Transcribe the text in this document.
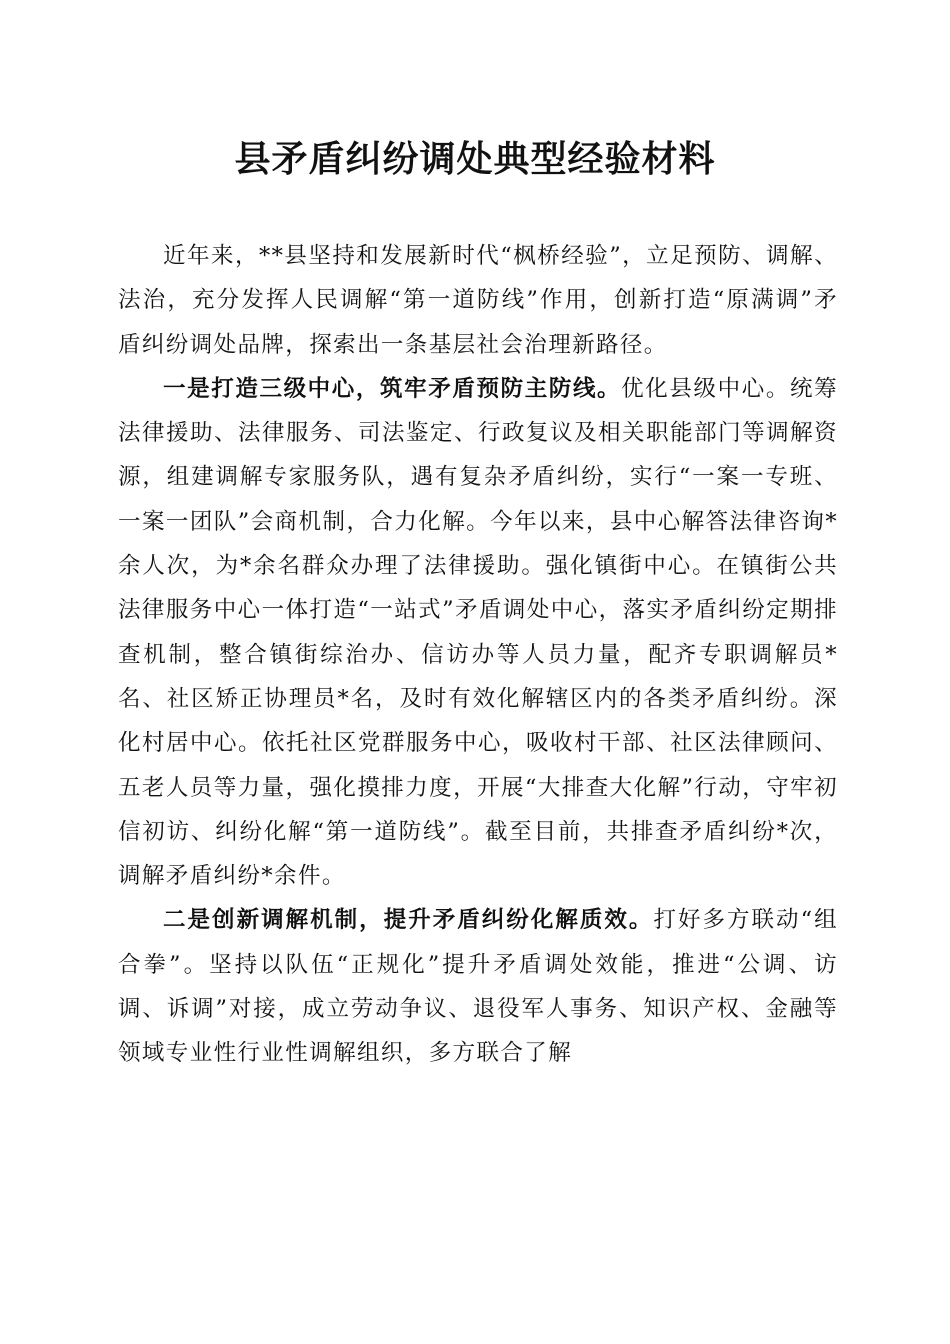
县矛盾纠纷调处典型经验材料

近年来，**县坚持和发展新时代“枫桥经验”，立足预防、调解、法治，充分发挥人民调解“第一道防线”作用，创新打造“原满调”矛盾纠纷调处品牌，探索出一条基层社会治理新路径。

一是打造三级中心，筑牢矛盾预防主防线。优化县级中心。统筹法律援助、法律服务、司法鉴定、行政复议及相关职能部门等调解资源，组建调解专家服务队，遇有复杂矛盾纠纷，实行“一案一专班、一案一团队”会商机制，合力化解。今年以来，县中心解答法律咨询*余人次，为*余名群众办理了法律援助。强化镇街中心。在镇街公共法律服务中心一体打造“一站式”矛盾调处中心，落实矛盾纠纷定期排查机制，整合镇街综治办、信访办等人员力量，配齐专职调解员*名、社区矫正协理员*名，及时有效化解辖区内的各类矛盾纠纷。深化村居中心。依托社区党群服务中心，吸收村干部、社区法律顾问、五老人员等力量，强化摸排力度，开展“大排查大化解”行动，守牢初信初访、纠纷化解“第一道防线”。截至目前，共排查矛盾纠纷*次，调解矛盾纠纷*余件。

二是创新调解机制，提升矛盾纠纷化解质效。打好多方联动“组合拳”。坚持以队伍“正规化”提升矛盾调处效能，推进“公调、访调、诉调”对接，成立劳动争议、退役军人事务、知识产权、金融等领域专业性行业性调解组织，多方联合了解
